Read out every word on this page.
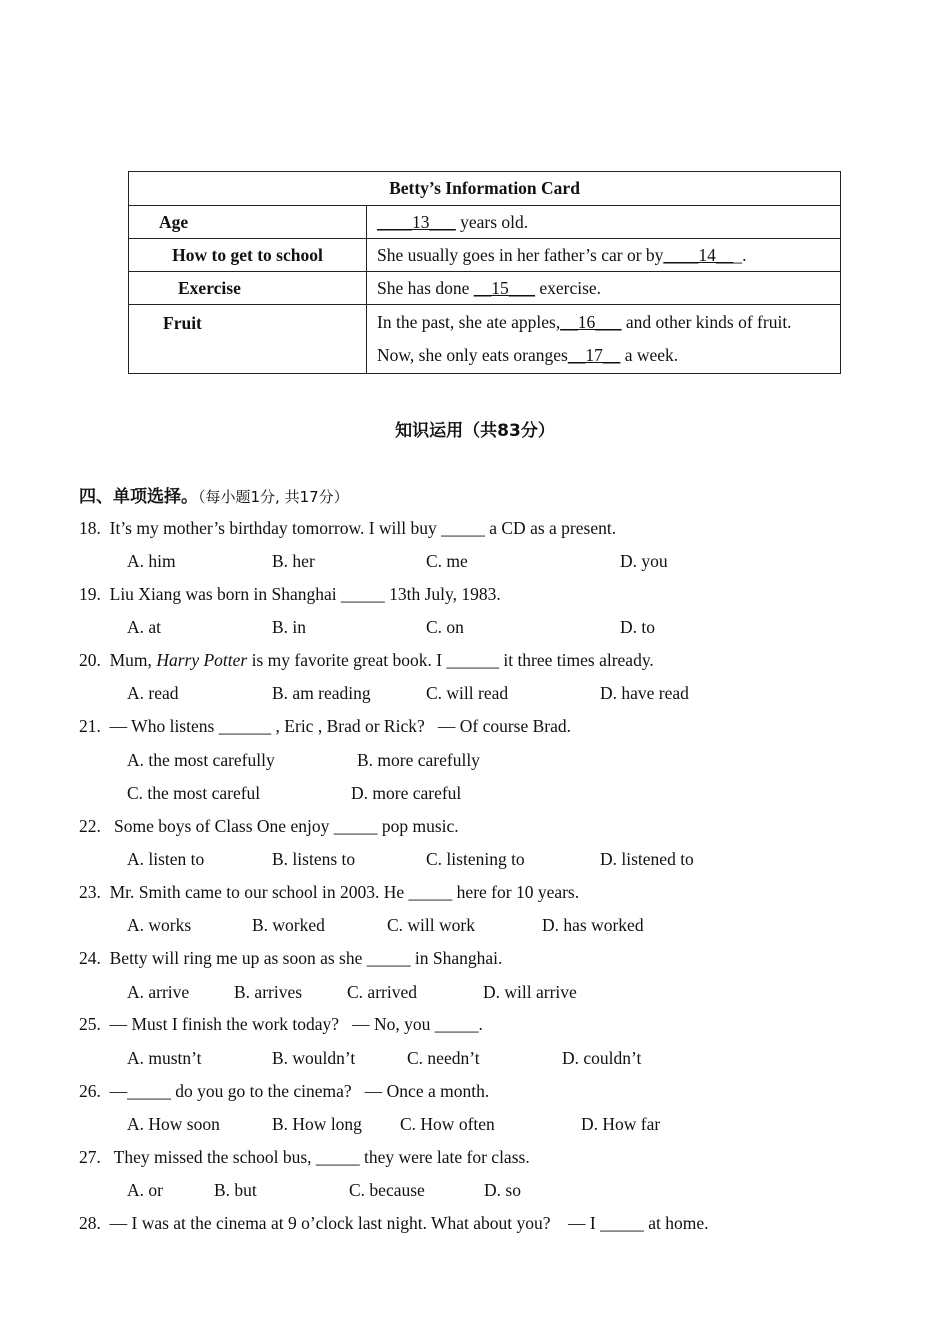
Betty’s Information Card	
Age	____13___ years old.
How to get to school	She usually goes in her father’s car or by____14___.
Exercise	She has done __15___ exercise.
Fruit	In the past, she ate apples,__16___ and other kinds of fruit.
Now, she only eats oranges__17__ a week.
知识运用（共83分）
四、单项选择。（每小题1分, 共17分）
18. It’s my mother’s birthday tomorrow. I will buy _____ a CD as a present.
A. him	B. her	C. me	D. you
19. Liu Xiang was born in Shanghai _____ 13th July, 1983.
A. at	B. in	C. on	D. to
20. Mum, Harry Potter is my favorite great book. I ______ it three times already.
A. read	B. am reading	C. will read	D. have read
21. — Who listens ______ , Eric , Brad or Rick?   — Of course Brad.
A. the most carefully	B. more carefully
C. the most careful	D. more careful
22.   Some boys of Class One enjoy _____ pop music.
A. listen to	B. listens to	C. listening to	D. listened to
23. Mr. Smith came to our school in 2003. He _____ here for 10 years.
A. works	B. worked	C. will work	D. has worked
24. Betty will ring me up as soon as she _____ in Shanghai.
A. arrive	B. arrives	C. arrived	D. will arrive
25. — Must I finish the work today?   — No, you _____.
A. mustn’t	B. wouldn’t	C. needn’t	D. couldn’t
26. —_____ do you go to the cinema?   — Once a month.
A. How soon	B. How long C. How often	D. How far
27.   They missed the school bus, _____ they were late for class.
A. or	B. but	C. because	D. so
28. — I was at the cinema at 9 o’clock last night. What about you?    — I _____ at home.
